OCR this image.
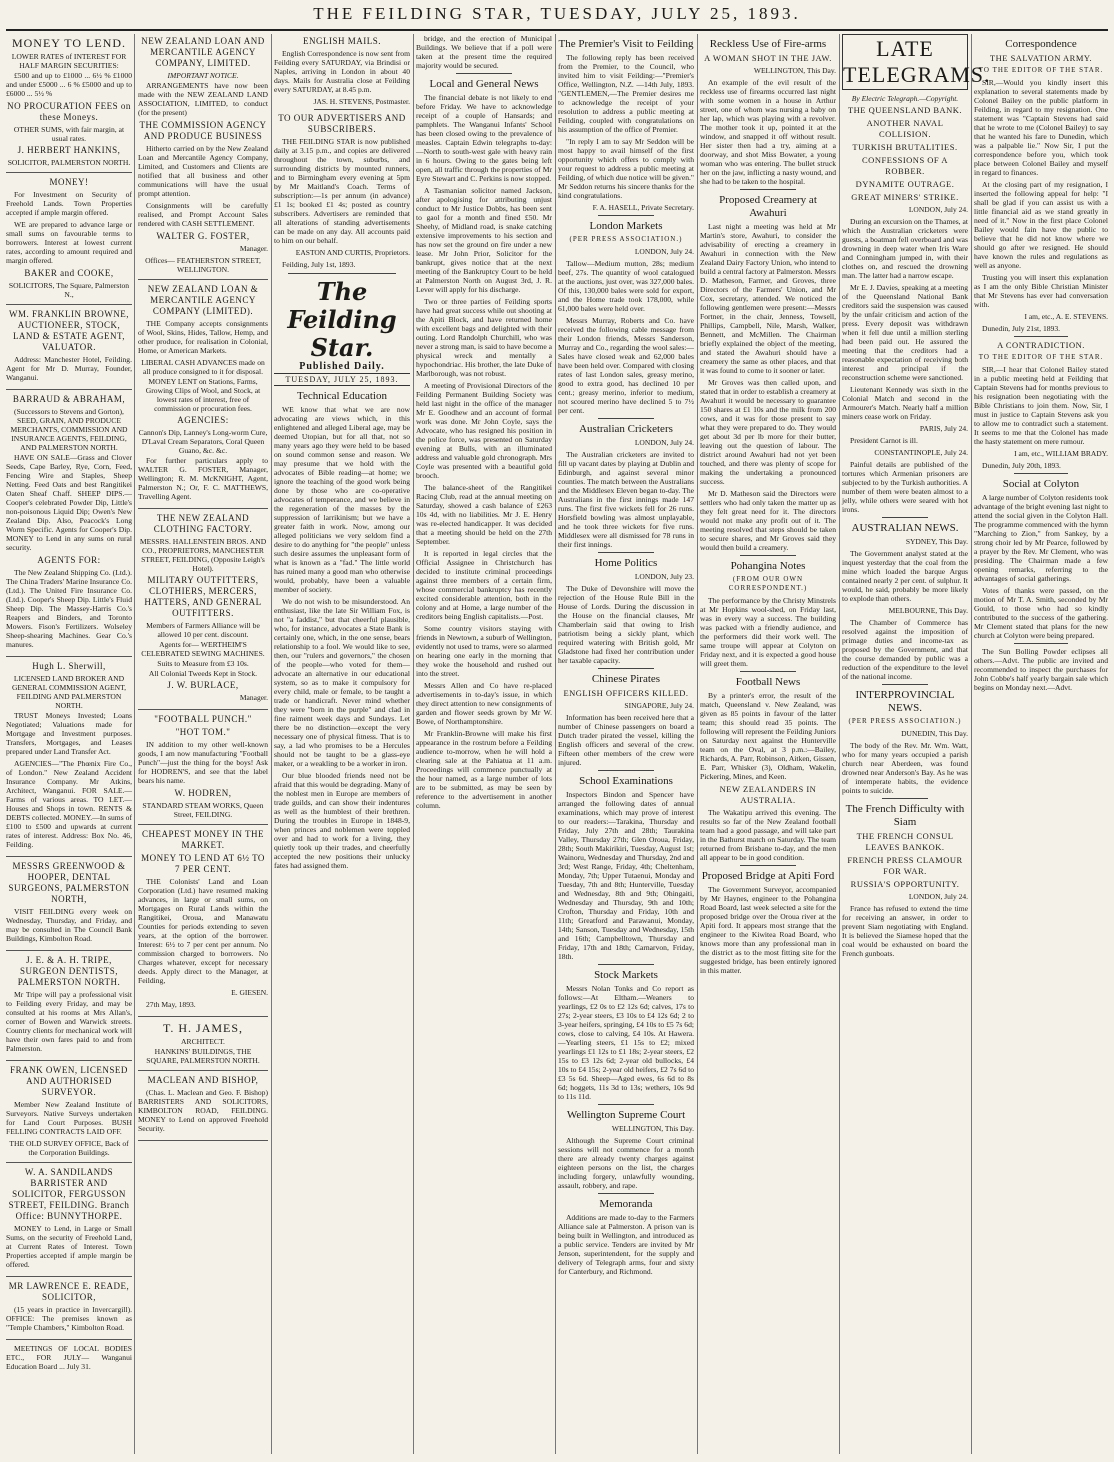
THE FEILDING STAR, TUESDAY, JULY 25, 1893.
MONEY TO LEND.
LOWER RATES of INTEREST FOR HALF MARGIN SECURITIES:
£500 and up to £1000 ... 6½ % £1000 and under £5000 ... 6 % £5000 and up to £6000 ... 5½ %
NO PROCURATION FEES on these Moneys.
OTHER SUMS, with fair margin, at usual rates.
J. HERBERT HANKINS,
SOLICITOR, PALMERSTON NORTH.
MONEY!
For Investment on Security of Freehold Lands. Town Properties accepted if ample margin offered.
WE are prepared to advance large or small sums on favourable terms to borrowers. Interest at lowest current rates, according to amount required and margin offered.
BAKER and COOKE,
SOLICITORS, The Square, Palmerston N.,
WM. FRANKLIN BROWNE, AUCTIONEER, STOCK, LAND & ESTATE AGENT, VALUATOR.
Address: Manchester Hotel, Feilding. Agent for Mr D. Murray, Founder, Wanganui.
BARRAUD & ABRAHAM,
(Successors to Stevens and Gorton), SEED, GRAIN, AND PRODUCE MERCHANTS, COMMISSION AND INSURANCE AGENTS, FEILDING, AND PALMERSTON NORTH.
HAVE ON SALE—Grass and Clover Seeds, Cape Barley, Rye, Corn, Feed, Fencing Wire and Staples, Sheep Netting. Feed Oats and best Rangitikei Oaten Sheaf Chaff. SHEEP DIPS.—Cooper's celebrated Powder Dip, Little's non-poisonous Liquid Dip; Owen's New Zealand Dip. Also, Peacock's Long Worm Specific. Agents for Cooper's Dip. MONEY to Lend in any sums on rural security.
AGENTS FOR:
The New Zealand Shipping Co. (Ltd.). The China Traders' Marine Insurance Co. (Ltd.). The United Fire Insurance Co. (Ltd.). Cooper's Sheep Dip. Little's Fluid Sheep Dip. The Massey-Harris Co.'s Reapers and Binders, and Toronto Mowers. Fison's Fertilizers. Wolseley Sheep-shearing Machines. Gear Co.'s manures.
Hugh L. Sherwill,
LICENSED LAND BROKER AND GENERAL COMMISSION AGENT, FEILDING AND PALMERSTON NORTH.
TRUST Moneys Invested; Loans Negotiated; Valuations made for Mortgage and Investment purposes. Transfers, Mortgages, and Leases prepared under Land Transfer Act.
AGENCIES—"The Phœnix Fire Co., of London." New Zealand Accident Insurance Company. Mr Atkins, Architect, Wanganui. FOR SALE.—Farms of various areas. TO LET.—Houses and Shops in town. RENTS & DEBTS collected. MONEY.—In sums of £100 to £500 and upwards at current rates of interest. Address: Box No. 46, Feilding.
MESSRS GREENWOOD & HOOPER, DENTAL SURGEONS, PALMERSTON NORTH,
VISIT FEILDING every week on Wednesday, Thursday, and Friday, and may be consulted in The Council Bank Buildings, Kimbolton Road.
J. E. & A. H. TRIPE, SURGEON DENTISTS, PALMERSTON NORTH.
Mr Tripe will pay a professional visit to Feilding every Friday, and may be consulted at his rooms at Mrs Allan's, corner of Bowen and Warwick streets. Country clients for mechanical work will have their own fares paid to and from Palmerston.
FRANK OWEN, LICENSED AND AUTHORISED SURVEYOR.
Member New Zealand Institute of Surveyors. Native Surveys undertaken for Land Court Purposes. BUSH FELLING CONTRACTS LAID OFF.
THE OLD SURVEY OFFICE, Back of the Corporation Buildings.
W. A. SANDILANDS BARRISTER AND SOLICITOR, FERGUSSON STREET, FEILDING. Branch Office: BUNNYTHORPE.
MONEY to Lend, in Large or Small Sums, on the security of Freehold Land, at Current Rates of Interest. Town Properties accepted if ample margin be offered.
MR LAWRENCE E. READE, SOLICITOR,
(15 years in practice in Invercargill). OFFICE: The premises known as "Temple Chambers," Kimbolton Road.
MEETINGS OF LOCAL BODIES ETC., FOR JULY— Wanganui Education Board ... July 31.
NEW ZEALAND LOAN AND MERCANTILE AGENCY COMPANY, LIMITED.
IMPORTANT NOTICE.
ARRANGEMENTS have now been made with the NEW ZEALAND LAND ASSOCIATION, LIMITED, to conduct (for the present)
THE COMMISSION AGENCY AND PRODUCE BUSINESS
Hitherto carried on by the New Zealand Loan and Mercantile Agency Company, Limited, and Customers and Clients are notified that all business and other communications will have the usual prompt attention.
Consignments will be carefully realised, and Prompt Account Sales rendered with CASH SETTLEMENT.
WALTER G. FOSTER,
Manager.
Offices— FEATHERSTON STREET, WELLINGTON.
NEW ZEALAND LOAN & MERCANTILE AGENCY COMPANY (LIMITED).
THE Company accepts consignments of Wool, Skins, Hides, Tallow, Hemp, and other produce, for realisation in Colonial, Home, or American Markets.
LIBERAL CASH ADVANCES made on all produce consigned to it for disposal.
MONEY LENT on Stations, Farms, Growing Clips of Wool, and Stock, at lowest rates of interest, free of commission or procuration fees.
AGENCIES:
Cannon's Dip, Lanney's Long-worm Cure, D'Laval Cream Separators, Coral Queen Guano, &c. &c.
For further particulars apply to WALTER G. FOSTER, Manager, Wellington; R. M. McKNIGHT, Agent, Palmerston N.; Or, F. C. MATTHEWS, Travelling Agent.
THE NEW ZEALAND CLOTHING FACTORY.
MESSRS. HALLENSTEIN BROS. AND CO., PROPRIETORS, MANCHESTER STREET, FEILDING, (Opposite Leigh's Hotel).
MILITARY OUTFITTERS, CLOTHIERS, MERCERS, HATTERS, AND GENERAL OUTFITTERS.
Members of Farmers Alliance will be allowed 10 per cent. discount.
Agents for— WERTHEIM'S CELEBRATED SEWING MACHINES.
Suits to Measure from £3 10s.
All Colonial Tweeds Kept in Stock.
J. W. BURLACE,
Manager.
"FOOTBALL PUNCH."
"HOT TOM."
IN addition to my other well-known goods, I am now manufacturing "Football Punch"—just the thing for the boys! Ask for HODREN'S, and see that the label bears his name.
W. HODREN,
STANDARD STEAM WORKS, Queen Street, FEILDING.
CHEAPEST MONEY IN THE MARKET.
MONEY TO LEND AT 6½ TO 7 PER CENT.
THE Colonists' Land and Loan Corporation (Ltd.) have resumed making advances, in large or small sums, on Mortgages on Rural Lands within the Rangitikei, Oroua, and Manawatu Counties for periods extending to seven years, at the option of the borrower. Interest: 6½ to 7 per cent per annum. No commission charged to borrowers. No Charges whatever, except for necessary deeds. Apply direct to the Manager, at Feilding,
E. GIESEN.
27th May, 1893.
T. H. JAMES,
ARCHITECT.
HANKINS' BUILDINGS, THE SQUARE, PALMERSTON NORTH.
MACLEAN AND BISHOP,
(Chas. L. Maclean and Geo. F. Bishop) BARRISTERS AND SOLICITORS, KIMBOLTON ROAD, FEILDING. MONEY to Lend on approved Freehold Security.
ENGLISH MAILS.
English Correspondence is now sent from Feilding every SATURDAY, via Brindisi or Naples, arriving in London in about 40 days. Mails for Australia close at Feilding every SATURDAY, at 8.45 p.m.
JAS. H. STEVENS, Postmaster.
TO OUR ADVERTISERS AND SUBSCRIBERS.
THE FEILDING STAR is now published daily at 3.15 p.m., and copies are delivered throughout the town, suburbs, and surrounding districts by mounted runners, and to Birmingham every evening at 5pm by Mr Maitland's Coach. Terms of subscription:—1s per annum (in advance) £1 1s; booked £1 4s; posted as country subscribers. Advertisers are reminded that all alterations of standing advertisements can be made on any day. All accounts paid to him on our behalf.
EASTON AND CURTIS, Proprietors.
Feilding, July 1st, 1893.
The Feilding Star.
Published Daily.
TUESDAY, JULY 25, 1893.
Technical Education
WE know that what we are now advocating are views which, in this enlightened and alleged Liberal age, may be deemed Utopian, but for all that, not so many years ago they were held to be based on sound common sense and reason. We may presume that we hold with the advocates of Bible reading—at home; we ignore the teaching of the good work being done by those who are co-operative advocates of temperance, and we believe in the regeneration of the masses by the suppression of larrikinism; but we have a greater faith in work. Now, among our alleged politicians we very seldom find a desire to do anything for "the people" unless such desire assumes the unpleasant form of what is known as a "fad." The little world has ruined many a good man who otherwise would, probably, have been a valuable member of society.
We do not wish to be misunderstood. An enthusiast, like the late Sir William Fox, is not "a faddist," but that cheerful plausible, who, for instance, advocates a State Bank is certainly one, which, in the one sense, bears relationship to a fool. We would like to see, then, our "rulers and governors," the chosen of the people—who voted for them—advocate an alternative in our educational system, so as to make it compulsory for every child, male or female, to be taught a trade or handicraft. Never mind whether they were "born in the purple" and clad in fine raiment week days and Sundays. Let there be no distinction—except the very necessary one of physical fitness. That is to say, a lad who promises to be a Hercules should not be taught to be a glass-eye maker, or a weakling to be a worker in iron.
Our blue blooded friends need not be afraid that this would be degrading. Many of the noblest men in Europe are members of trade guilds, and can show their indentures as well as the humblest of their brethren. During the troubles in Europe in 1848-9, when princes and noblemen were toppled over and had to work for a living, they quietly took up their trades, and cheerfully accepted the new positions their unlucky fates had assigned them.
bridge, and the erection of Municipal Buildings. We believe that if a poll were taken at the present time the required majority would be secured.
Local and General News
The financial debate is not likely to end before Friday. We have to acknowledge receipt of a couple of Hansards; and pamphlets. The Wanganui Infants' School has been closed owing to the prevalence of measles. Captain Edwin telegraphs to-day:—North to south-west gale with heavy rain in 6 hours. Owing to the gates being left open, all traffic through the properties of Mr Eyre Stewart and C. Perkins is now stopped.
A Tasmanian solicitor named Jackson, after apologising for attributing unjust conduct to Mr Justice Dobbs, has been sent to gaol for a month and fined £50. Mr Sheehy, of Midland road, is snake catching extensive improvements to his section and has now set the ground on fire under a new lease. Mr John Prior, Solicitor for the bankrupt, gives notice that at the next meeting of the Bankruptcy Court to be held at Palmerston North on August 3rd, J. R. Lever will apply for his discharge.
Two or three parties of Feilding sports have had great success while out shooting at the Apiti Block, and have returned home with excellent bags and delighted with their outing. Lord Randolph Churchill, who was never a strong man, is said to have become a physical wreck and mentally a hypochondriac. His brother, the late Duke of Marlborough, was not robust.
A meeting of Provisional Directors of the Feilding Permanent Building Society was held last night in the office of the manager Mr E. Goodhew and an account of formal work was done. Mr John Coyle, says the Advocate, who has resigned his position in the police force, was presented on Saturday evening at Bulls, with an illuminated address and valuable gold chronograph. Mrs Coyle was presented with a beautiful gold brooch.
The balance-sheet of the Rangitikei Racing Club, read at the annual meeting on Saturday, showed a cash balance of £263 10s 4d, with no liabilities. Mr J. E. Henry was re-elected handicapper. It was decided that a meeting should be held on the 27th September.
It is reported in legal circles that the Official Assignee in Christchurch has decided to institute criminal proceedings against three members of a certain firm, whose commercial bankruptcy has recently excited considerable attention, both in the colony and at Home, a large number of the creditors being English capitalists.—Post.
Some country visitors staying with friends in Newtown, a suburb of Wellington, evidently not used to trams, were so alarmed on hearing one early in the morning that they woke the household and rushed out into the street.
Messrs Allen and Co have re-placed advertisements in to-day's issue, in which they direct attention to new consignments of garden and flower seeds grown by Mr W. Bowe, of Northamptonshire.
Mr Franklin-Browne will make his first appearance in the rostrum before a Feilding audience to-morrow, when he will hold a clearing sale at the Pahiatua at 11 a.m. Proceedings will commence punctually at the hour named, as a large number of lots are to be submitted, as may be seen by reference to the advertisement in another column.
The Premier's Visit to Feilding
The following reply has been received from the Premier, to the Council, who invited him to visit Feilding:—"Premier's Office, Wellington, N.Z. —14th July, 1893. "GENTLEMEN,—The Premier desires me to acknowledge the receipt of your resolution to address a public meeting at Feilding, coupled with congratulations on his assumption of the office of Premier.
"In reply I am to say Mr Seddon will be most happy to avail himself of the first opportunity which offers to comply with your request to address a public meeting at Feilding, of which due notice will be given." Mr Seddon returns his sincere thanks for the kind congratulations.
F. A. HASELL, Private Secretary.
London Markets
(PER PRESS ASSOCIATION.)
LONDON, July 24.
Tallow—Medium mutton, 28s; medium beef, 27s. The quantity of wool catalogued at the auctions, just over, was 327,000 bales. Of this, 130,000 bales were sold for export, and the Home trade took 178,000, while 61,000 bales were held over.
Messrs Murray, Roberts and Co. have received the following cable message from their London friends, Messrs Sanderson, Murray and Co., regarding the wool sales:—Sales have closed weak and 62,000 bales have been held over. Compared with closing rates of last London sales, greasy merino, good to extra good, has declined 10 per cent.; greasy merino, inferior to medium, not scoured merino have declined 5 to 7½ per cent.
Australian Cricketers
LONDON, July 24.
The Australian cricketers are invited to fill up vacant dates by playing at Dublin and Edinburgh, and against several minor counties. The match between the Australians and the Middlesex Eleven began to-day. The Australians in the first innings made 147 runs. The first five wickets fell for 26 runs. Horsfield bowling was almost unplayable, and he took three wickets for five runs. Middlesex were all dismissed for 78 runs in their first innings.
Home Politics
LONDON, July 23.
The Duke of Devonshire will move the rejection of the House Rule Bill in the House of Lords. During the discussion in the House on the financial clauses, Mr Chamberlain said that owing to Irish patriotism being a sickly plant, which required watering with British gold, Mr Gladstone had fixed her contribution under her taxable capacity.
Chinese Pirates
ENGLISH OFFICERS KILLED.
SINGAPORE, July 24.
Information has been received here that a number of Chinese passengers on board a Dutch trader pirated the vessel, killing the English officers and several of the crew. Fifteen other members of the crew were injured.
School Examinations
Inspectors Bindon and Spencer have arranged the following dates of annual examinations, which may prove of interest to our readers:—Tarakina, Thursday and Friday, July 27th and 28th; Taurakina Valley, Thursday 27th; Glen Oroua, Friday, 28th; South Makirikiri, Tuesday, August 1st; Wainoru, Wednesday and Thursday, 2nd and 3rd; West Range, Friday, 4th; Cheltenham, Monday, 7th; Upper Tutaenui, Monday and Tuesday, 7th and 8th; Hunterville, Tuesday and Wednesday, 8th and 9th; Ohingaiti, Wednesday and Thursday, 9th and 10th; Crofton, Thursday and Friday, 10th and 11th; Greatford and Parawanui, Monday, 14th; Sanson, Tuesday and Wednesday, 15th and 16th; Campbelltown, Thursday and Friday, 17th and 18th; Carnarvon, Friday, 18th.
Stock Markets
Messrs Nolan Tonks and Co report as follows:—At Eltham.—Weaners to yearlings, £2 0s to £2 12s 6d; calves, 17s to 27s; 2-year steers, £3 10s to £4 12s 6d; 2 to 3-year heifers, springing, £4 10s to £5 7s 6d; cows, close to calving, £4 10s. At Hawera.—Yearling steers, £1 15s to £2; mixed yearlings £1 12s to £1 18s; 2-year steers, £2 15s to £3 12s 6d; 2-year old bullocks, £4 10s to £4 15s; 2-year old heifers, £2 7s 6d to £3 5s 6d. Sheep—Aged ewes, 6s 6d to 8s 6d; hoggets, 11s 3d to 13s; wethers, 10s 9d to 11s 11d.
Wellington Supreme Court
WELLINGTON, This Day.
Although the Supreme Court criminal sessions will not commence for a month there are already twenty charges against eighteen persons on the list, the charges including forgery, unlawfully wounding, assault, robbery, and rape.
Memoranda
Additions are made to-day to the Farmers Alliance sale at Palmerston. A prison van is being built in Wellington, and introduced as a public service. Tenders are invited by Mr Jenson, superintendent, for the supply and delivery of Telegraph arms, four and sixty for Canterbury, and Richmond.
Reckless Use of Fire-arms
A WOMAN SHOT IN THE JAW.
WELLINGTON, This Day.
An example of the evil result of the reckless use of firearms occurred last night with some women in a house in Arthur street, one of whom was nursing a baby on her lap, which was playing with a revolver. The mother took it up, pointed it at the window, and snapped it off without result. Her sister then had a try, aiming at a doorway, and shot Miss Bowater, a young woman who was entering. The bullet struck her on the jaw, inflicting a nasty wound, and she had to be taken to the hospital.
Proposed Creamery at Awahuri
Last night a meeting was held at Mr Martin's store, Awahuri, to consider the advisability of erecting a creamery in Awahuri in connection with the New Zealand Dairy Factory Union, who intend to build a central factory at Palmerston. Messrs D. Matheson, Farmer, and Groves, three Directors of the Farmers' Union, and Mr Cox, secretary, attended. We noticed the following gentlemen were present:—Messrs Fortner, in the chair, Jenness, Towsell, Phillips, Campbell, Nile, Marsh, Walker, Bennett, and McMillen. The Chairman briefly explained the object of the meeting, and stated the Awahuri should have a creamery the same as other places, and that it was found to come to it sooner or later.
Mr Groves was then called upon, and stated that in order to establish a creamery at Awahuri it would be necessary to guarantee 150 shares at £1 10s and the milk from 200 cows, and it was for those present to say what they were prepared to do. They would get about 3d per lb more for their butter, leaving out the question of labour. The district around Awahuri had not yet been touched, and there was plenty of scope for making the undertaking a pronounced success.
Mr D. Matheson said the Directors were settlers who had only taken the matter up as they felt great need for it. The directors would not make any profit out of it. The meeting resolved that steps should be taken to secure shares, and Mr Groves said they would then build a creamery.
Pohangina Notes
(FROM OUR OWN CORRESPONDENT.)
The performance by the Christy Minstrels at Mr Hopkins wool-shed, on Friday last, was in every way a success. The building was packed with a friendly audience, and the performers did their work well. The same troupe will appear at Colyton on Friday next, and it is expected a good house will greet them.
Football News
By a printer's error, the result of the match, Queensland v. New Zealand, was given as 85 points in favour of the latter team; this should read 35 points. The following will represent the Feilding Juniors on Saturday next against the Hunterville team on the Oval, at 3 p.m.:—Bailey, Richards, A. Parr, Robinson, Aitken, Gissen, E. Parr, Whisker (3), Oldham, Wakelin, Pickering, Mines, and Keen.
NEW ZEALANDERS IN AUSTRALIA.
The Wakatipu arrived this evening. The results so far of the New Zealand football team had a good passage, and will take part in the Bathurst match on Saturday. The team returned from Brisbane to-day, and the men all appear to be in good condition.
Proposed Bridge at Apiti Ford
The Government Surveyor, accompanied by Mr Haynes, engineer to the Pohangina Road Board, last week selected a site for the proposed bridge over the Oroua river at the Apiti ford. It appears most strange that the engineer to the Kiwitea Road Board, who knows more than any professional man in the district as to the most fitting site for the suggested bridge, has been entirely ignored in this matter.
LATE TELEGRAMS.
By Electric Telegraph.—Copyright.
THE QUEENSLAND BANK.
ANOTHER NAVAL COLLISION.
TURKISH BRUTALITIES.
CONFESSIONS OF A ROBBER.
DYNAMITE OUTRAGE.
GREAT MINERS' STRIKE.
LONDON, July 24.
During an excursion on the Thames, at which the Australian cricketers were guests, a boatman fell overboard and was drowning in deep water when Iris Ware and Conningham jumped in, with their clothes on, and rescued the drowning man. The latter had a narrow escape.
Mr E. J. Davies, speaking at a meeting of the Queensland National Bank creditors said the suspension was caused by the unfair criticism and action of the press. Every deposit was withdrawn when it fell due until a million sterling had been paid out. He assured the meeting that the creditors had a reasonable expectation of receiving both interest and principal if the reconstruction scheme were sanctioned.
Lieutenant Kennedy was sixth in the Colonial Match and second in the Armourer's Match. Nearly half a million miners cease work on Friday.
PARIS, July 24.
President Carnot is ill.
CONSTANTINOPLE, July 24.
Painful details are published of the tortures which Armenian prisoners are subjected to by the Turkish authorities. A number of them were beaten almost to a jelly, while others were seared with hot irons.
AUSTRALIAN NEWS.
SYDNEY, This Day.
The Government analyst stated at the inquest yesterday that the coal from the mine which loaded the barque Argus contained nearly 2 per cent. of sulphur. It would, he said, probably be more likely to explode than others.
MELBOURNE, This Day.
The Chamber of Commerce has resolved against the imposition of primage duties and income-tax as proposed by the Government, and that the course demanded by public was a reduction of the expenditure to the level of the national income.
INTERPROVINCIAL NEWS.
(PER PRESS ASSOCIATION.)
DUNEDIN, This Day.
The body of the Rev. Mr. Wm. Watt, who for many years occupied a parish church near Aberdeen, was found drowned near Anderson's Bay. As he was of intemperate habits, the evidence points to suicide.
The French Difficulty with Siam
THE FRENCH CONSUL LEAVES BANKOK.
FRENCH PRESS CLAMOUR FOR WAR.
RUSSIA'S OPPORTUNITY.
LONDON, July 24.
France has refused to extend the time for receiving an answer, in order to prevent Siam negotiating with England. It is believed the Siamese hoped that the coal would be exhausted on board the French gunboats.
Correspondence
THE SALVATION ARMY.
TO THE EDITOR OF THE STAR.
SIR,—Would you kindly insert this explanation to several statements made by Colonel Bailey on the public platform in Feilding, in regard to my resignation. One statement was "Captain Stevens had said that he wrote to me (Colonel Bailey) to say that he wanted his fare to Dunedin, which was a palpable lie." Now Sir, I put the correspondence before you, which took place between Colonel Bailey and myself in regard to finances.
At the closing part of my resignation, I inserted the following appeal for help: "I shall be glad if you can assist us with a little financial aid as we stand greatly in need of it." Now in the first place Colonel Bailey would fain have the public to believe that he did not know where we should go after we resigned. He should have known the rules and regulations as well as anyone.
Trusting you will insert this explanation as I am the only Bible Christian Minister that Mr Stevens has ever had conversation with.
I am, etc., A. E. STEVENS.
Dunedin, July 21st, 1893.
A CONTRADICTION.
TO THE EDITOR OF THE STAR.
SIR,—I hear that Colonel Bailey stated in a public meeting held at Feilding that Captain Stevens had for months previous to his resignation been negotiating with the Bible Christians to join them. Now, Sir, I must in justice to Captain Stevens ask you to allow me to contradict such a statement. It seems to me that the Colonel has made the hasty statement on mere rumour.
I am, etc., WILLIAM BRADY.
Dunedin, July 20th, 1893.
Social at Colyton
A large number of Colyton residents took advantage of the bright evening last night to attend the social given in the Colyton Hall. The programme commenced with the hymn "Marching to Zion," from Sankey, by a strong choir led by Mr Pearce, followed by a prayer by the Rev. Mr Clement, who was presiding. The Chairman made a few opening remarks, referring to the advantages of social gatherings.
Votes of thanks were passed, on the motion of Mr T. A. Smith, seconded by Mr Gould, to those who had so kindly contributed to the success of the gathering. Mr Clement stated that plans for the new church at Colyton were being prepared.
The Sun Bolling Powder eclipses all others.—Advt. The public are invited and recommended to inspect the purchases for John Cobbe's half yearly bargain sale which begins on Monday next.—Advt.
